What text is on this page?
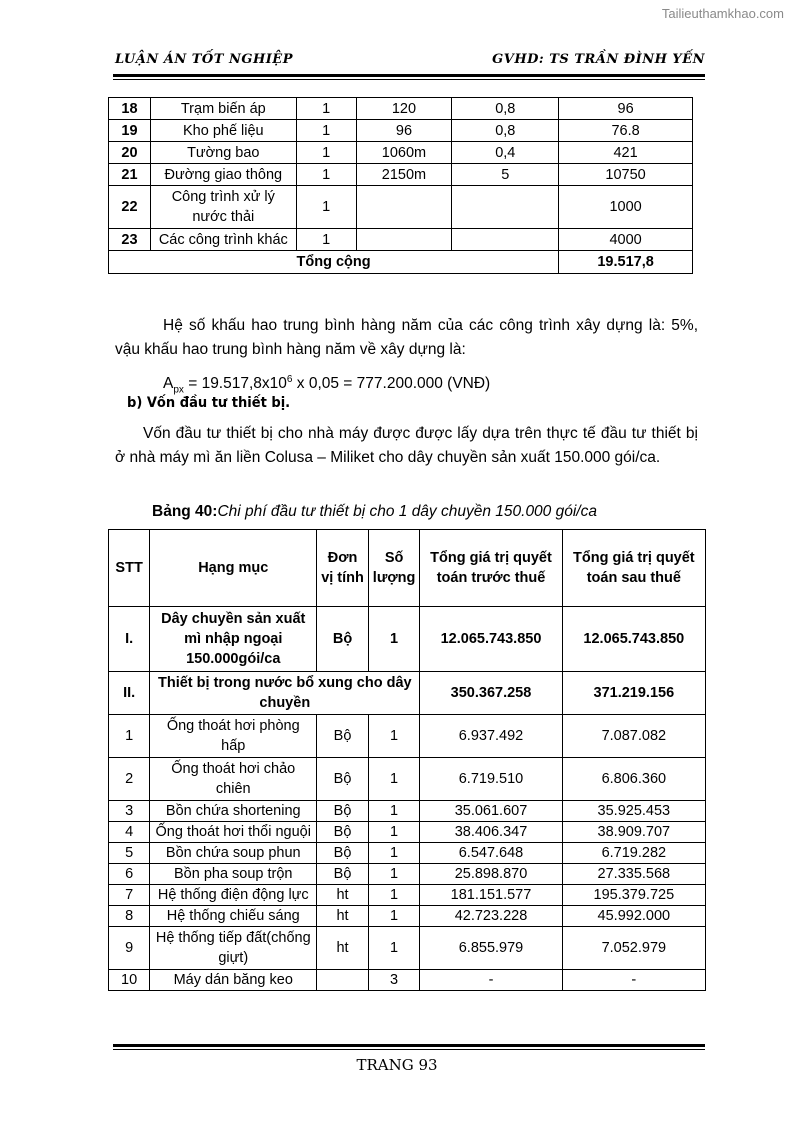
Tailieuthamkhao.com
LUẬN ÁN TỐT NGHIỆP	GVHD: TS TRẦN ĐÌNH YẾN
18	Trạm biến áp	1	120	0,8	96
19	Kho phế liệu	1	96	0,8	76.8
20	Tường bao	1	1060m	0,4	421
21	Đường giao thông	1	2150m	5	10750
22	Công trình xử lý nước thải	1			1000
23	Các công trình khác	1			4000
Tổng cộng					19.517,8
Hệ số khấu hao trung bình hàng năm của các công trình xây dựng là: 5%, vậu khấu hao trung bình hàng năm về xây dựng là:
$A_{px} = 19.517,8x10^6$ x 0,05 = 777.200.000 (VNĐ)
b) Vốn đầu tư thiết bị.
Vốn đầu tư thiết bị cho nhà máy được được lấy dựa trên thực tế đầu tư thiết bị ở nhà máy mì ăn liền Colusa – Miliket cho dây chuyền sản xuất 150.000 gói/ca.
Bảng 40:Chi phí đầu tư thiết bị cho 1 dây chuyền 150.000 gói/ca
STT	Hạng mục	Đơn vị tính	Số lượng	Tổng giá trị quyết toán trước thuế	Tổng giá trị quyết toán sau thuế
I.	Dây chuyền sản xuất mì nhập ngoại 150.000gói/ca	Bộ	1	12.065.743.850	12.065.743.850
II.	Thiết bị trong nước bổ xung cho dây chuyền			350.367.258	371.219.156
1	Ống thoát hơi phòng hấp	Bộ	1	6.937.492	7.087.082
2	Ống thoát hơi chảo chiên	Bộ	1	6.719.510	6.806.360
3	Bồn chứa shortening	Bộ	1	35.061.607	35.925.453
4	Ống thoát hơi thổi nguội	Bộ	1	38.406.347	38.909.707
5	Bồn chứa soup phun	Bộ	1	6.547.648	6.719.282
6	Bồn pha soup trộn	Bộ	1	25.898.870	27.335.568
7	Hệ thống điện động lực	ht	1	181.151.577	195.379.725
8	Hệ thống chiếu sáng	ht	1	42.723.228	45.992.000
9	Hệ thống tiếp đất(chống giựt)	ht	1	6.855.979	7.052.979
10	Máy dán băng keo		3	-	-
TRANG 93
